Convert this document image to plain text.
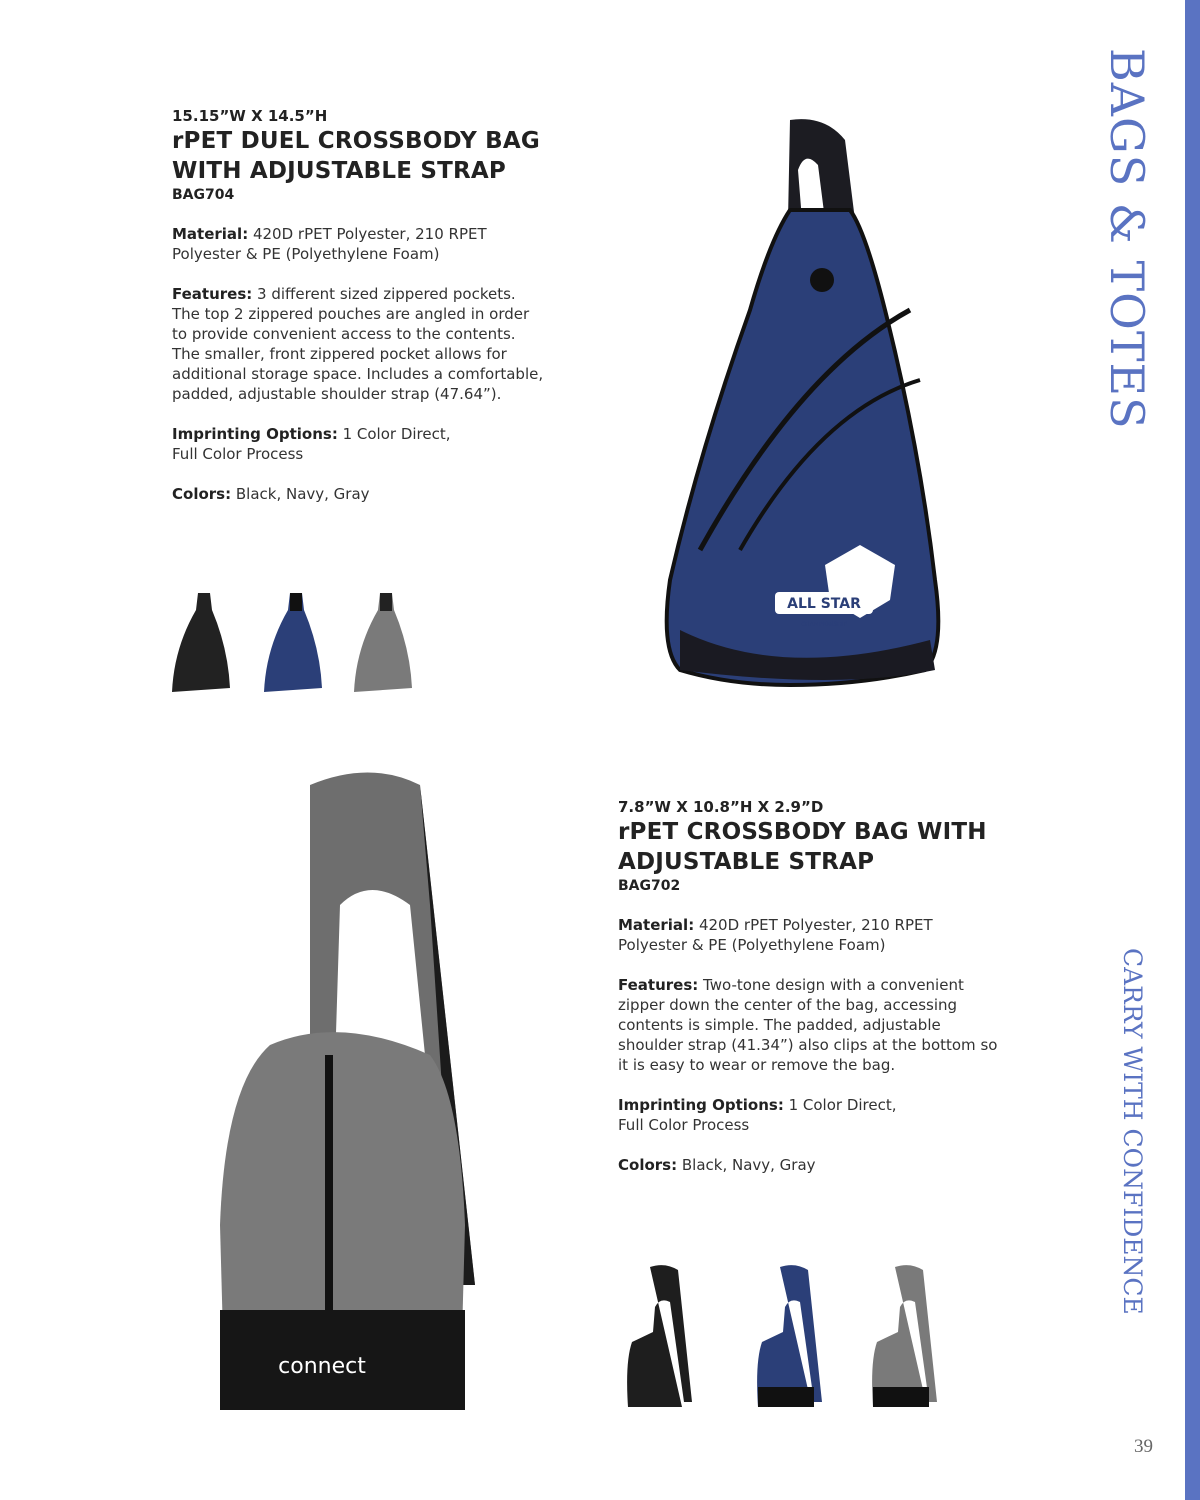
BAGS & TOTES
CARRY WITH CONFIDENCE
39
15.15”W X 14.5”H
rPET DUEL CROSSBODY BAG
WITH ADJUSTABLE STRAP
BAG704
Material: 420D rPET Polyester, 210 RPET Polyester & PE (Polyethylene Foam)
Features: 3 different sized zippered pockets. The top 2 zippered pouches are angled in order to provide convenient access to the contents. The smaller, front zippered pocket allows for additional storage space. Includes a comfortable, padded, adjustable shoulder strap (47.64”).
Imprinting Options: 1 Color Direct, Full Color Process
Colors: Black, Navy, Gray
7.8”W X 10.8”H X 2.9”D
rPET CROSSBODY BAG WITH
ADJUSTABLE STRAP
BAG702
Material: 420D rPET Polyester, 210 RPET Polyester & PE (Polyethylene Foam)
Features: Two-tone design with a convenient zipper down the center of the bag, accessing contents is simple. The padded, adjustable shoulder strap (41.34”) also clips at the bottom so it is easy to wear or remove the bag.
Imprinting Options: 1 Color Direct, Full Color Process
Colors: Black, Navy, Gray
ALL STAR
CHAMPIONSHIP
connect
